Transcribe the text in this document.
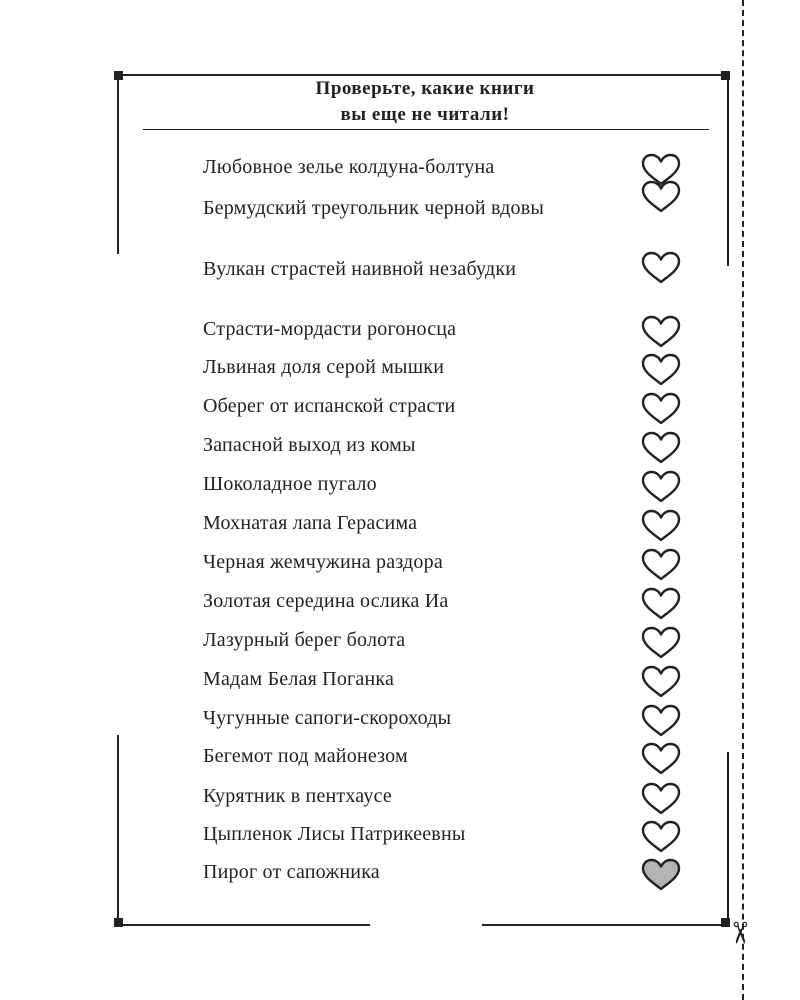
Проверьте, какие книги
вы еще не читали!
✂
Любовное зелье колдуна-болтуна
Бермудский треугольник черной вдовы
Вулкан страстей наивной незабудки
Страсти-мордасти рогоносца
Львиная доля серой мышки
Оберег от испанской страсти
Запасной выход из комы
Шоколадное пугало
Мохнатая лапа Герасима
Черная жемчужина раздора
Золотая середина ослика Иа
Лазурный берег болота
Мадам Белая Поганка
Чугунные сапоги-скороходы
Бегемот под майонезом
Курятник в пентхаусе
Цыпленок Лисы Патрикеевны
Пирог от сапожника
